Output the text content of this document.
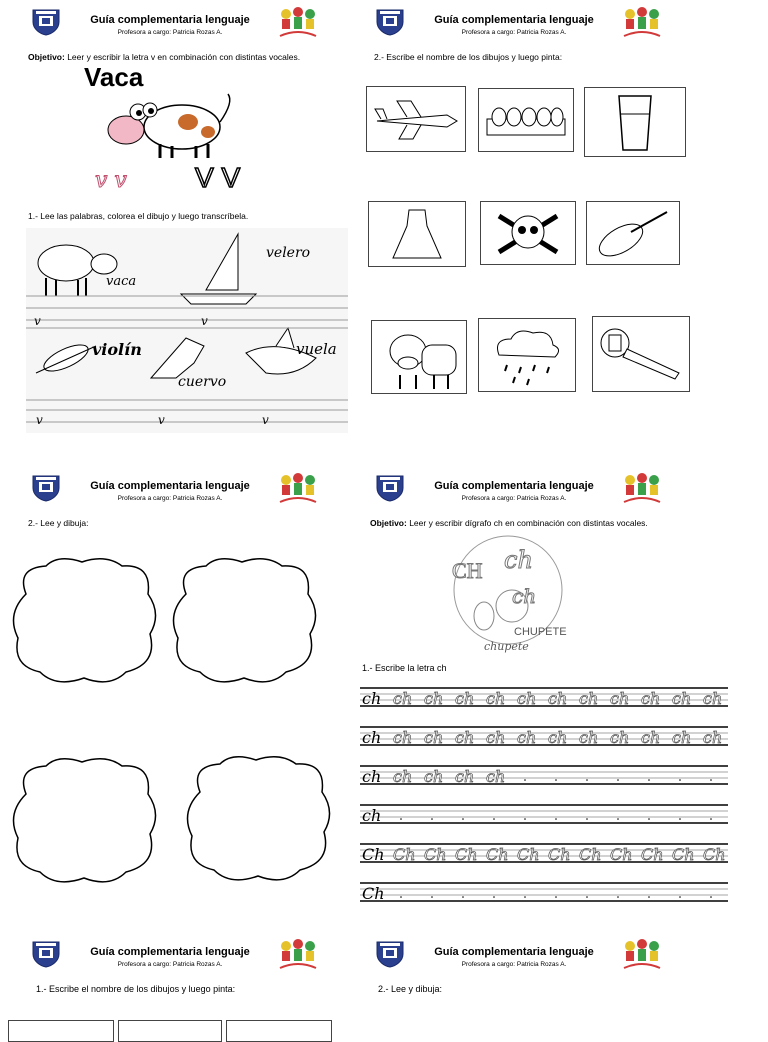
Guía complementaria lenguaje
Profesora a cargo: Patricia Rozas A.
Objetivo: Leer y escribir la letra v en combinación con distintas vocales.
Vaca
v v V V
1.- Lee las palabras, colorea el dibujo y luego transcríbela.
v	v
v	v	v
vaca
velero
violín
cuervo
vuela
Guía complementaria lenguaje
Profesora a cargo: Patricia Rozas A.
2.- Escribe el nombre de los dibujos y luego pinta:
Guía complementaria lenguaje
Profesora a cargo: Patricia Rozas A.
2.- Lee y dibuja:
Guía complementaria lenguaje
Profesora a cargo: Patricia Rozas A.
Objetivo: Leer y escribir dígrafo ch en combinación con distintas vocales.
CH ch
ch
CHUPETE
chupete
1.- Escribe la letra ch
ch ch ch ch ch ch ch ch ch ch ch ch
ch ch ch ch ch ch ch ch ch ch ch ch
ch ch ch ch ch
ch
Ch Ch Ch Ch Ch Ch Ch Ch Ch Ch Ch Ch
Ch
Guía complementaria lenguaje
Profesora a cargo: Patricia Rozas A.
1.- Escribe el nombre de los dibujos y luego pinta:
Guía complementaria lenguaje
Profesora a cargo: Patricia Rozas A.
2.- Lee y dibuja:
